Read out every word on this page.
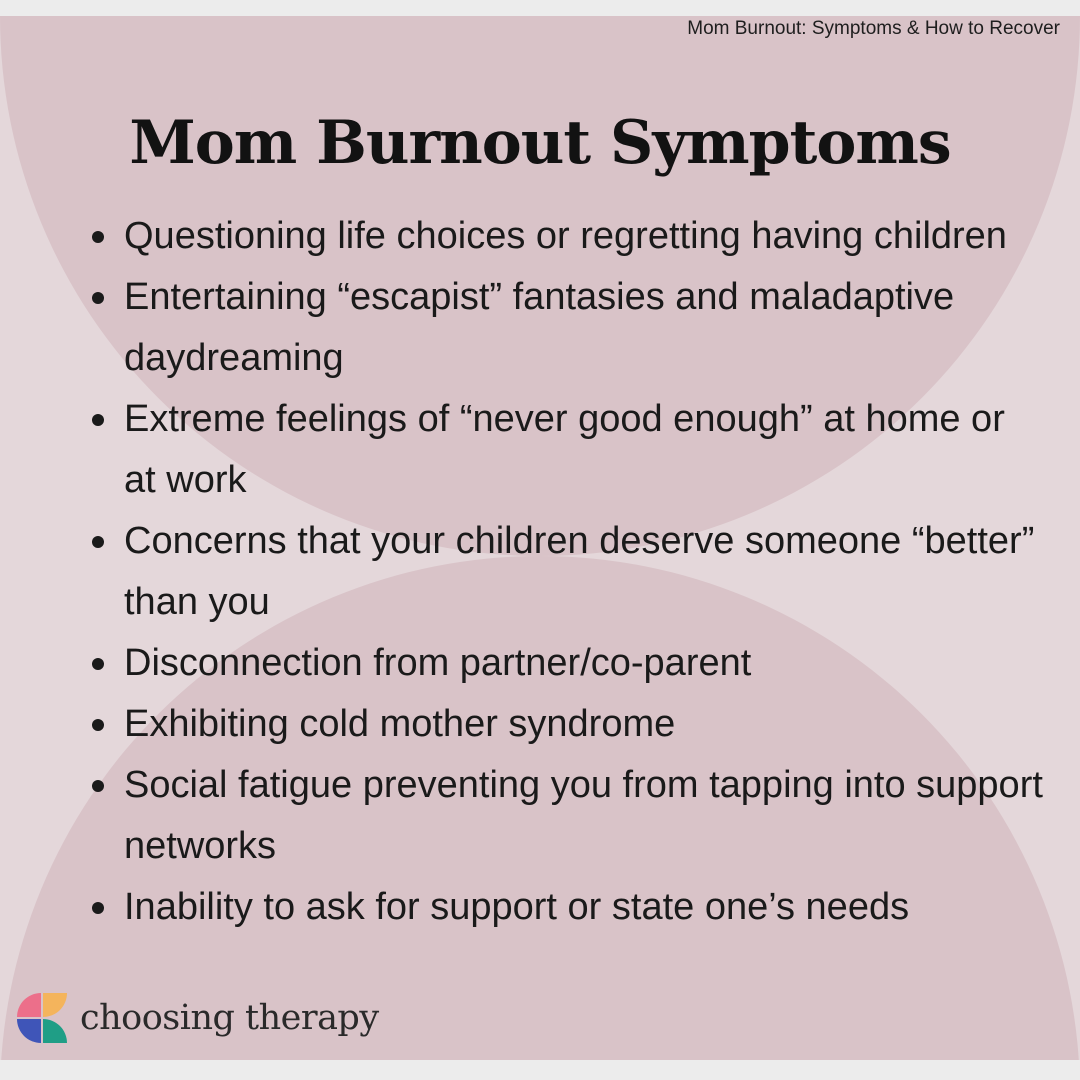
Mom Burnout: Symptoms & How to Recover
Mom Burnout Symptoms
Questioning life choices or regretting having children
Entertaining “escapist” fantasies and maladaptive daydreaming
Extreme feelings of “never good enough” at home or at work
Concerns that your children deserve someone “better” than you
Disconnection from partner/co-parent
Exhibiting cold mother syndrome
Social fatigue preventing you from tapping into support networks
Inability to ask for support or state one’s needs
choosing therapy
